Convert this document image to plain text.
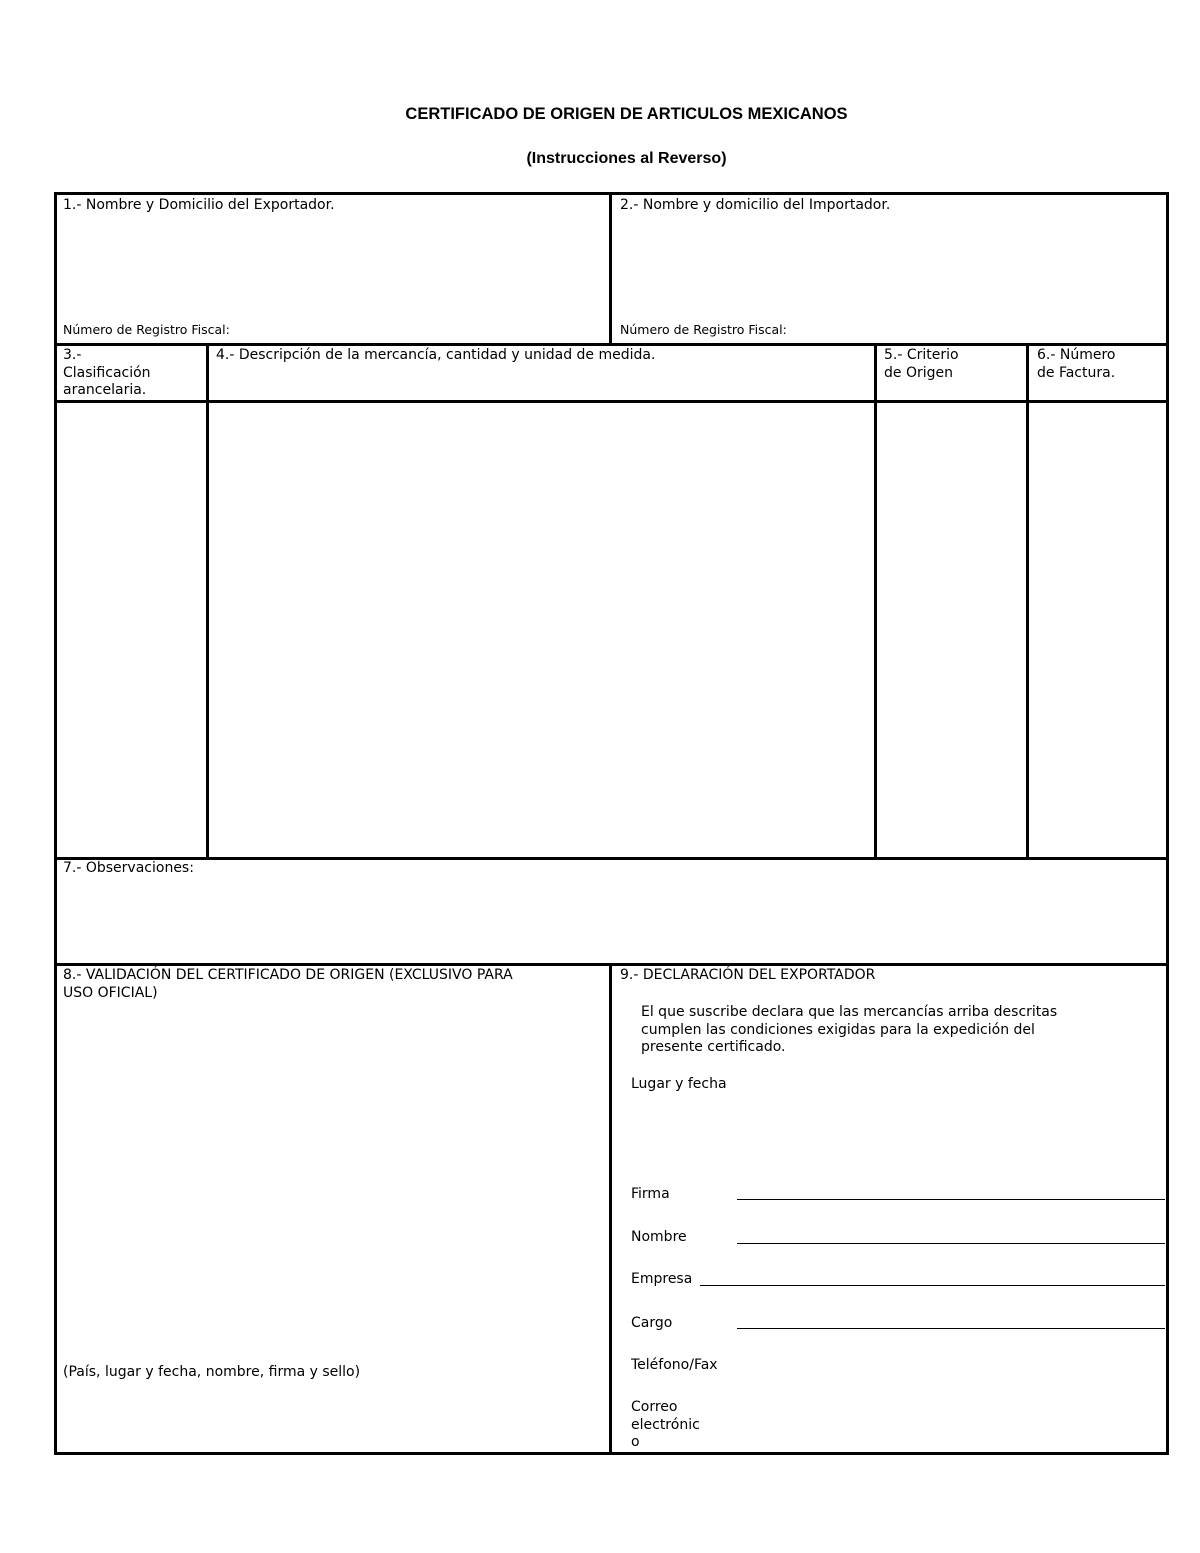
CERTIFICADO DE ORIGEN DE ARTICULOS MEXICANOS
(Instrucciones al Reverso)
1.- Nombre y Domicilio del Exportador.
Número de Registro Fiscal:
2.- Nombre y domicilio del Importador.
Número de Registro Fiscal:
3.-
Clasificación
arancelaria.
4.- Descripción de la mercancía, cantidad y unidad de medida.	5.- Criterio
de Origen
6.- Número
de Factura.
7.- Observaciones:
8.- VALIDACIÓN DEL CERTIFICADO DE ORIGEN (EXCLUSIVO PARA
USO OFICIAL)
(País, lugar y fecha, nombre, firma y sello)
9.- DECLARACIÓN DEL EXPORTADOR
El que suscribe declara que las mercancías arriba descritas
cumplen las condiciones exigidas para la expedición del
presente certificado.
Lugar y fecha
Firma
Nombre
Empresa
Cargo
Teléfono/Fax
Correo
electrónic
o
